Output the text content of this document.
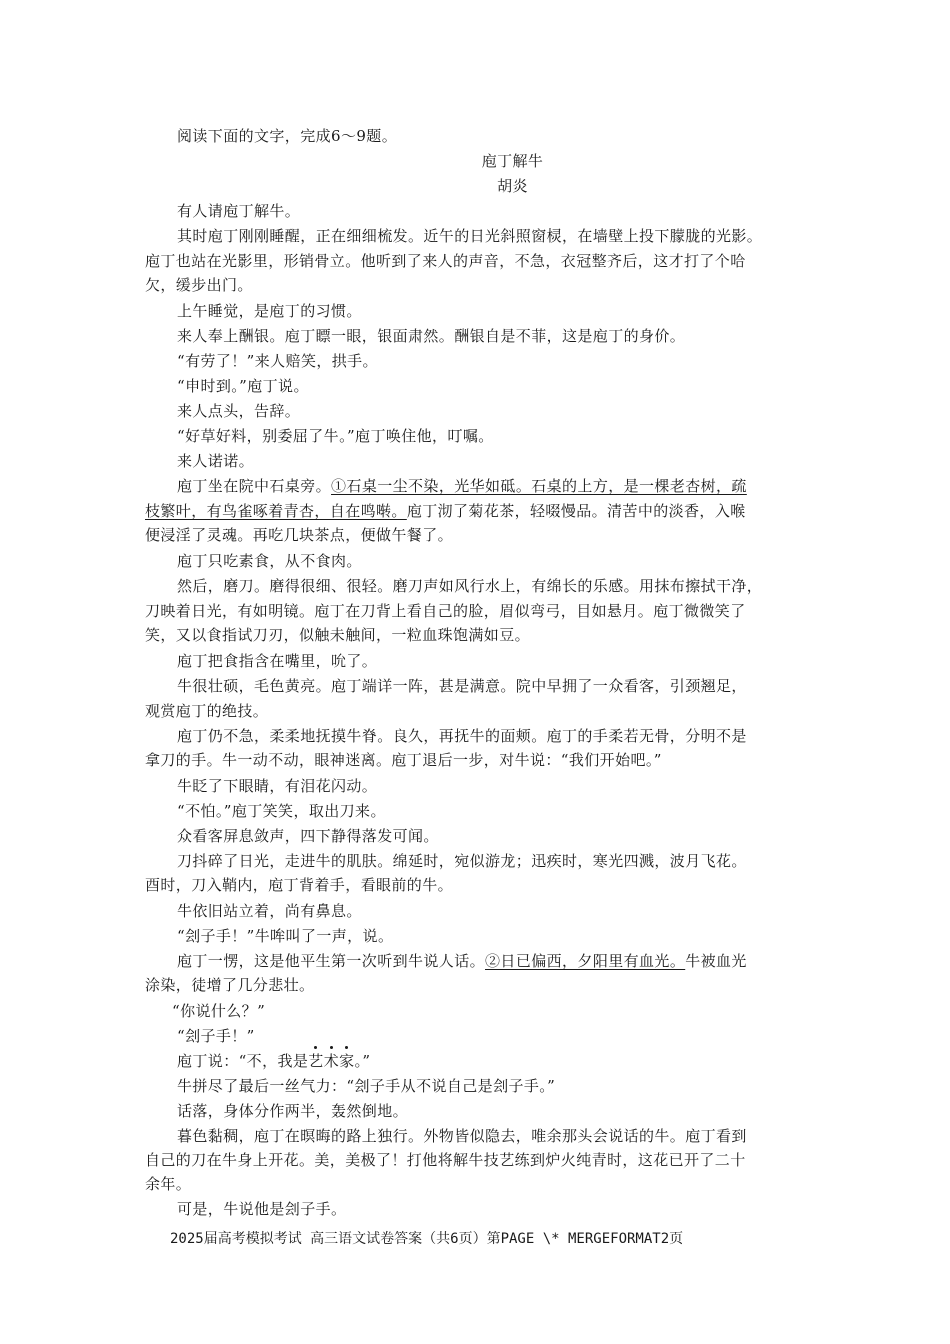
阅读下面的文字，完成6～9题。
庖丁解牛
胡炎
有人请庖丁解牛。
其时庖丁刚刚睡醒，正在细细梳发。近午的日光斜照窗棂，在墙壁上投下朦胧的光影。
庖丁也站在光影里，形销骨立。他听到了来人的声音，不急，衣冠整齐后，这才打了个哈
欠，缓步出门。
上午睡觉，是庖丁的习惯。
来人奉上酬银。庖丁瞟一眼，银面肃然。酬银自是不菲，这是庖丁的身价。
“有劳了！”来人赔笑，拱手。
“申时到。”庖丁说。
来人点头，告辞。
“好草好料，别委屈了牛。”庖丁唤住他，叮嘱。
来人诺诺。
庖丁坐在院中石桌旁。①石桌一尘不染，光华如砥。石桌的上方，是一棵老杏树，疏
枝繁叶，有鸟雀啄着青杏，自在鸣啭。庖丁沏了菊花茶，轻啜慢品。清苦中的淡香，入喉
便浸淫了灵魂。再吃几块茶点，便做午餐了。
庖丁只吃素食，从不食肉。
然后，磨刀。磨得很细、很轻。磨刀声如风行水上，有绵长的乐感。用抹布擦拭干净，
刀映着日光，有如明镜。庖丁在刀背上看自己的脸，眉似弯弓，目如悬月。庖丁微微笑了
笑，又以食指试刀刃，似触未触间，一粒血珠饱满如豆。
庖丁把食指含在嘴里，吮了。
牛很壮硕，毛色黄亮。庖丁端详一阵，甚是满意。院中早拥了一众看客，引颈翘足，
观赏庖丁的绝技。
庖丁仍不急，柔柔地抚摸牛脊。良久，再抚牛的面颊。庖丁的手柔若无骨，分明不是
拿刀的手。牛一动不动，眼神迷离。庖丁退后一步，对牛说：“我们开始吧。”
牛眨了下眼睛，有泪花闪动。
“不怕。”庖丁笑笑，取出刀来。
众看客屏息敛声，四下静得落发可闻。
刀抖碎了日光，走进牛的肌肤。绵延时，宛似游龙；迅疾时，寒光四溅，波月飞花。
酉时，刀入鞘内，庖丁背着手，看眼前的牛。
牛依旧站立着，尚有鼻息。
“刽子手！”牛哞叫了一声，说。
庖丁一愣，这是他平生第一次听到牛说人话。②日已偏西，夕阳里有血光。牛被血光
涂染，徒增了几分悲壮。
“你说什么？”
“刽子手！”
庖丁说：“不，我是艺术家。”
牛拼尽了最后一丝气力：“刽子手从不说自己是刽子手。”
话落，身体分作两半，轰然倒地。
暮色黏稠，庖丁在暝晦的路上独行。外物皆似隐去，唯余那头会说话的牛。庖丁看到
自己的刀在牛身上开花。美，美极了！打他将解牛技艺练到炉火纯青时，这花已开了二十
余年。
可是，牛说他是刽子手。
2025届高考模拟考试 高三语文试卷答案（共6页）第PAGE \* MERGEFORMAT2页
